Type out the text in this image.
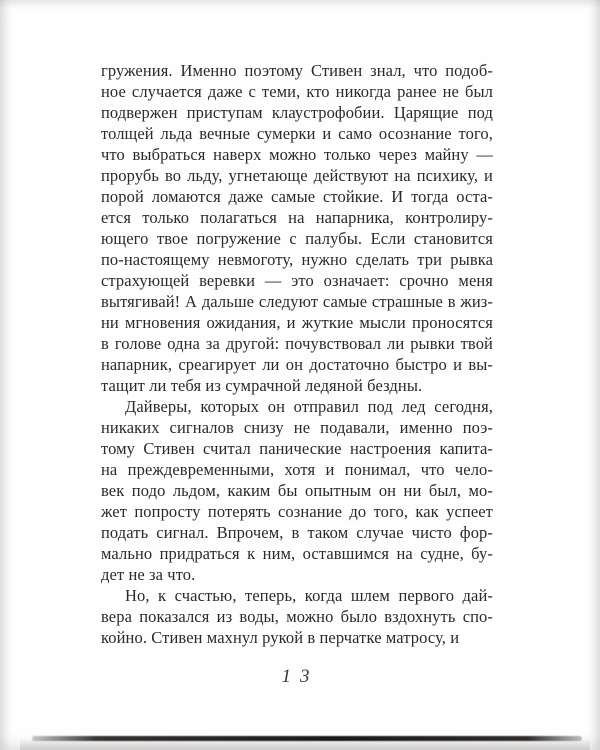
гружения. Именно поэтому Стивен знал, что подоб-
ное случается даже с теми, кто никогда ранее не был
подвержен приступам клаустрофобии. Царящие под
толщей льда вечные сумерки и само осознание того,
что выбраться наверх можно только через майну —
прорубь во льду, угнетающе действуют на психику, и
порой ломаются даже самые стойкие. И тогда оста-
ется только полагаться на напарника, контролиру-
ющего твое погружение с палубы. Если становится
по-настоящему невмоготу, нужно сделать три рывка
страхующей веревки — это означает: срочно меня
вытягивай! А дальше следуют самые страшные в жиз-
ни мгновения ожидания, и жуткие мысли проносятся
в голове одна за другой: почувствовал ли рывки твой
напарник, среагирует ли он достаточно быстро и вы-
тащит ли тебя из сумрачной ледяной бездны.
Дайверы, которых он отправил под лед сегодня,
никаких сигналов снизу не подавали, именно поэ-
тому Стивен считал панические настроения капита-
на преждевременными, хотя и понимал, что чело-
век подо льдом, каким бы опытным он ни был, мо-
жет попросту потерять сознание до того, как успеет
подать сигнал. Впрочем, в таком случае чисто фор-
мально придраться к ним, оставшимся на судне, бу-
дет не за что.
Но, к счастью, теперь, когда шлем первого дай-
вера показался из воды, можно было вздохнуть спо-
койно. Стивен махнул рукой в перчатке матросу, и
13
